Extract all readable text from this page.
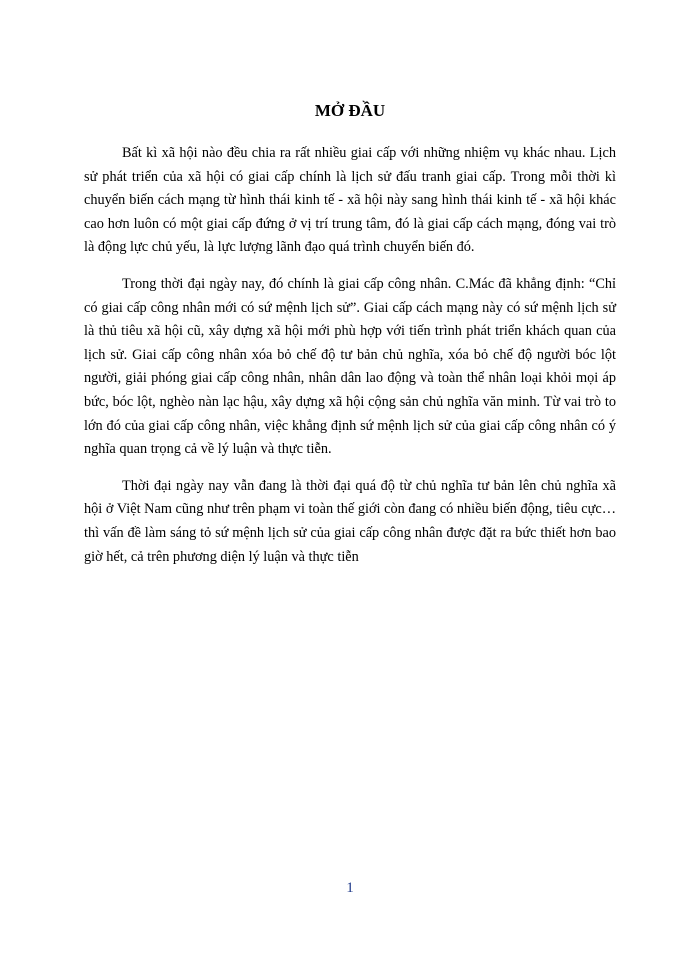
MỞ ĐẦU

Bất kì xã hội nào đều chia ra rất nhiều giai cấp với những nhiệm vụ khác nhau. Lịch sử phát triển của xã hội có giai cấp chính là lịch sử đấu tranh giai cấp. Trong mỗi thời kì chuyển biến cách mạng từ hình thái kinh tế - xã hội này sang hình thái kinh tế - xã hội khác cao hơn luôn có một giai cấp đứng ở vị trí trung tâm, đó là giai cấp cách mạng, đóng vai trò là động lực chủ yếu, là lực lượng lãnh đạo quá trình chuyển biến đó.

Trong thời đại ngày nay, đó chính là giai cấp công nhân. C.Mác đã khẳng định: “Chỉ có giai cấp công nhân mới có sứ mệnh lịch sử”. Giai cấp cách mạng này có sứ mệnh lịch sử là thủ tiêu xã hội cũ, xây dựng xã hội mới phù hợp với tiến trình phát triển khách quan của lịch sử. Giai cấp công nhân xóa bỏ chế độ tư bản chủ nghĩa, xóa bỏ chế độ người bóc lột người, giải phóng giai cấp công nhân, nhân dân lao động và toàn thể nhân loại khỏi mọi áp bức, bóc lột, nghèo nàn lạc hậu, xây dựng xã hội cộng sản chủ nghĩa văn minh. Từ vai trò to lớn đó của giai cấp công nhân, việc khẳng định sứ mệnh lịch sử của giai cấp công nhân có ý nghĩa quan trọng cả về lý luận và thực tiễn.

Thời đại ngày nay vẫn đang là thời đại quá độ từ chủ nghĩa tư bản lên chủ nghĩa xã hội ở Việt Nam cũng như trên phạm vi toàn thế giới còn đang có nhiều biến động, tiêu cực… thì vấn đề làm sáng tỏ sứ mệnh lịch sử của giai cấp công nhân được đặt ra bức thiết hơn bao giờ hết, cả trên phương diện lý luận và thực tiễn

1
